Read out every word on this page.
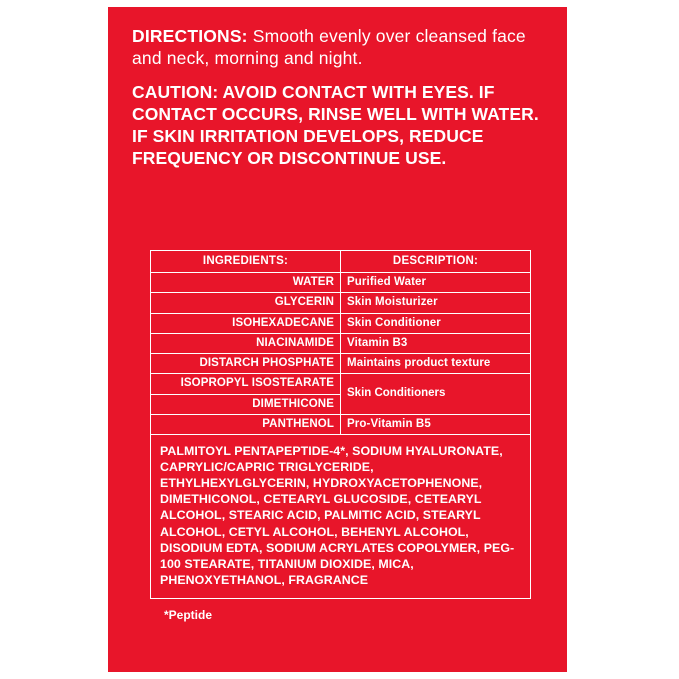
DIRECTIONS: Smooth evenly over cleansed face and neck, morning and night.
CAUTION: AVOID CONTACT WITH EYES. IF CONTACT OCCURS, RINSE WELL WITH WATER. IF SKIN IRRITATION DEVELOPS, REDUCE FREQUENCY OR DISCONTINUE USE.
INGREDIENTS:	DESCRIPTION:
WATER	Purified Water
GLYCERIN	Skin Moisturizer
ISOHEXADECANE	Skin Conditioner
NIACINAMIDE	Vitamin B3
DISTARCH PHOSPHATE	Maintains product texture
ISOPROPYL ISOSTEARATE	Skin Conditioners
DIMETHICONE	
PANTHENOL	Pro-Vitamin B5
PALMITOYL PENTAPEPTIDE-4*, SODIUM HYALURONATE, CAPRYLIC/CAPRIC TRIGLYCERIDE, ETHYLHEXYLGLYCERIN, HYDROXYACETOPHENONE, DIMETHICONOL, CETEARYL GLUCOSIDE, CETEARYL ALCOHOL, STEARIC ACID, PALMITIC ACID, STEARYL ALCOHOL, CETYL ALCOHOL, BEHENYL ALCOHOL, DISODIUM EDTA, SODIUM ACRYLATES COPOLYMER, PEG-100 STEARATE, TITANIUM DIOXIDE, MICA, PHENOXYETHANOL, FRAGRANCE
*Peptide
